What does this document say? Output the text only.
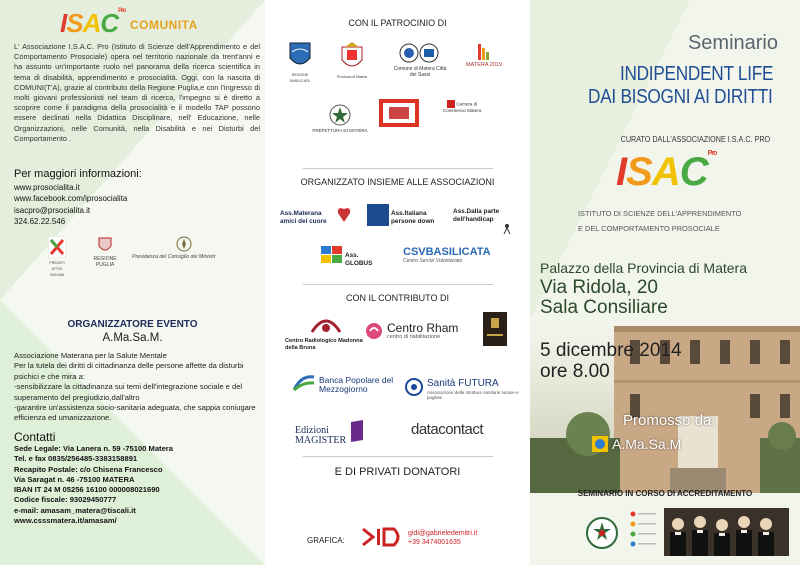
$ISAC^{Pro}$
COMUNITA
L' Associazione I.S.A.C. Pro (Istituto di Scienze dell'Apprendimento e del Comportamento Prosociale) opera nel territorio nazionale da trent'anni e ha assunto un'importante ruolo nel panorama della ricerca scientifica in tema di disabilità, apprendimento e prosocialità. Oggi, con la nascita di COMUNI(T'A), grazie al contributo della Regione Puglia,e con l'ingresso di molti giovani professionisti nel team di ricerca, l'impegno si è diretto a scoprire come il paradigma della prosocialità e il modello TAP possono essere declinati nella Didattica Disciplinare, nell' Educazione, nelle Organizzazioni, nelle Comunità, nella Disabilità e nei Disturbi del Comportamento .
Per maggiori informazioni:
www.prosocialita.it
www.facebook.com/iprosocialita
isacpro@prsocialita.it
324.62.22.546
PRINCIPI ATTIVI GIOVANI
REGIONE PUGLIA
Presidenza del Consiglio dei Ministri
ORGANIZZATORE EVENTO
A.Ma.Sa.M.
Associazione Materana per la Salute Mentale
Per la tutela dei diritti di cittadinanza delle persone affette da disturbi psichici e che mira a:
-sensibilizzare la cittadinanza sui temi dell'integrazione sociale e del superamento del pregiudizio,dall'altro
-garantire un'assistenza socio-sanitaria adeguata, che sappia coniugare efficienza ed umanizzazione.
Contatti
Sede Legale: Via Lanera n. 59 -75100 Matera
Tel. e fax 0835/256485-3383158891
Recapito Postale: c/o Chisena Francesco
Via Saragat n. 46 -75100 MATERA
IBAN IT 24 M 05256 16100 000008021690
Codice fiscale: 93029450777
e-mail: amasam_matera@tiscali.it
www.csssmatera.it/amasam/
CON IL PATROCINIO DI
REGIONE BASILICATA
Provincia di Matera
Comune di Matera Città dei Sassi
MATERA 2019
PREFETTURA DI MATERA
Camera di Commercio Matera
ORGANIZZATO INSIEME ALLE ASSOCIAZIONI
Ass.Materana amici del cuore
Ass.Italiana persone down
Ass.Dalla parte dell'handicap
Ass. GLOBUS
CSVBASILICATA
Centro Servizi Volontariato
CON IL CONTRIBUTO DI
Centro Radiologico Madonna della Bruna
Centro Rham
centro di riabilitazione
Banca Popolare del Mezzogiorno	Sanità FUTURA
Associazione delle strutture sanitarie lucane e pugliesi
Edizioni MAGISTER
datacontact
E DI PRIVATI DONATORI
GRAFICA:
gidi@gabrieledemitri.it
+39 3474001635
Seminario
INDIPENDENT LIFE
DAI BISOGNI AI DIRITTI
CURATO DALL'ASSOCIAZIONE I.S.A.C. PRO
$ISAC^{Pro}$
ISTITUTO DI SCIENZE DELL'APPRENDIMENTO
E DEL COMPORTAMENTO PROSOCIALE
Palazzo della Provincia di Matera
Via Ridola, 20
Sala Consiliare
5 dicembre 2014
ore 8.00
Promosso da:
A.Ma.Sa.M
SEMINARIO IN CORSO DI ACCREDITAMENTO
